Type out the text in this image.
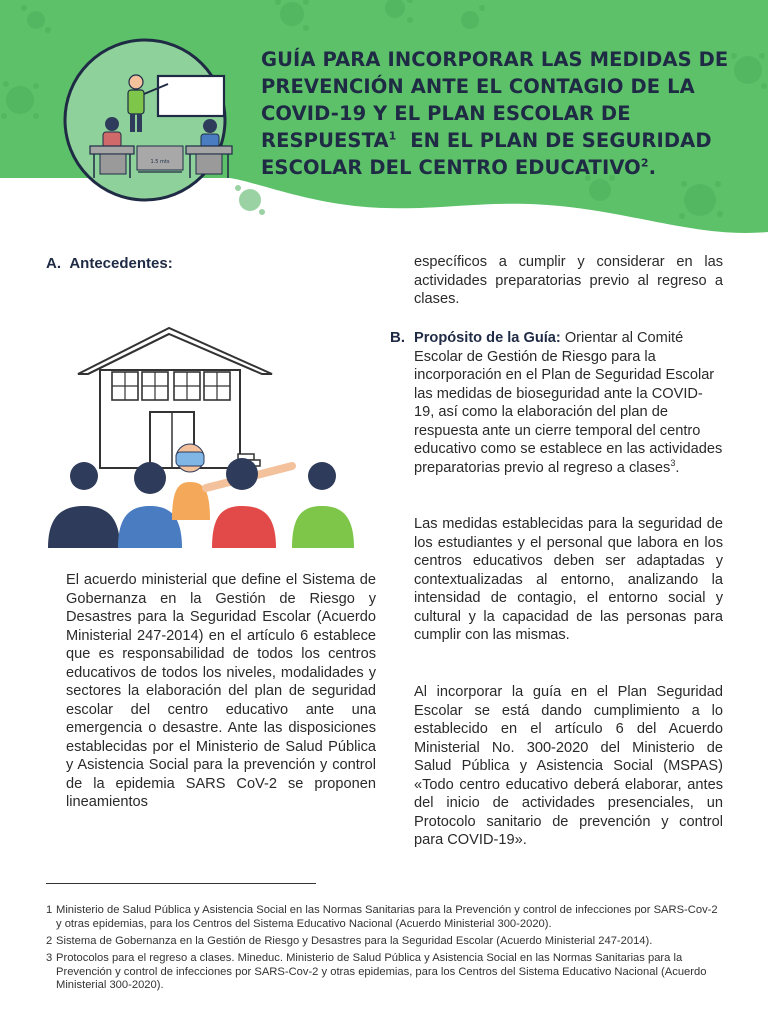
1.5 mts
GUÍA PARA INCORPORAR LAS MEDIDAS DE PREVENCIÓN ANTE EL CONTAGIO DE LA COVID-19 Y EL PLAN ESCOLAR DE RESPUESTA$^1$ EN EL PLAN DE SEGURIDAD ESCOLAR DEL CENTRO EDUCATIVO$^2$.
A. Antecedentes:

El acuerdo ministerial que define el Sistema de Gobernanza en la Gestión de Riesgo y Desastres para la Seguridad Escolar (Acuerdo Ministerial 247-2014) en el artículo 6 establece que es responsabilidad de todos los centros educativos de todos los niveles, modalidades y sectores la elaboración del plan de seguridad escolar del centro educativo ante una emergencia o desastre. Ante las disposiciones establecidas por el Ministerio de Salud Pública y Asistencia Social para la prevención y control de la epidemia SARS CoV-2 se proponen lineamientos

específicos a cumplir y considerar en las actividades preparatorias previo al regreso a clases.

B. Propósito de la Guía: Orientar al Comité Escolar de Gestión de Riesgo para la incorporación en el Plan de Seguridad Escolar las medidas de bioseguridad ante la COVID-19, así como la elaboración del plan de respuesta ante un cierre temporal del centro educativo como se establece en las actividades preparatorias previo al regreso a clases$^3$.

Las medidas establecidas para la seguridad de los estudiantes y el personal que labora en los centros educativos deben ser adaptadas y contextualizadas al entorno, analizando la intensidad de contagio, el entorno social y cultural y la capacidad de las personas para cumplir con las mismas.

Al incorporar la guía en el Plan Seguridad Escolar se está dando cumplimiento a lo establecido en el artículo 6 del Acuerdo Ministerial No. 300-2020 del Ministerio de Salud Pública y Asistencia Social (MSPAS) «Todo centro educativo deberá elaborar, antes del inicio de actividades presenciales, un Protocolo sanitario de prevención y control para COVID-19».

1 Ministerio de Salud Pública y Asistencia Social en las Normas Sanitarias para la Prevención y control de infecciones por SARS-Cov-2 y otras epidemias, para los Centros del Sistema Educativo Nacional (Acuerdo Ministerial 300-2020).
2 Sistema de Gobernanza en la Gestión de Riesgo y Desastres para la Seguridad Escolar (Acuerdo Ministerial 247-2014).
3 Protocolos para el regreso a clases. Mineduc. Ministerio de Salud Pública y Asistencia Social en las Normas Sanitarias para la Prevención y control de infecciones por SARS-Cov-2 y otras epidemias, para los Centros del Sistema Educativo Nacional (Acuerdo Ministerial 300-2020).
